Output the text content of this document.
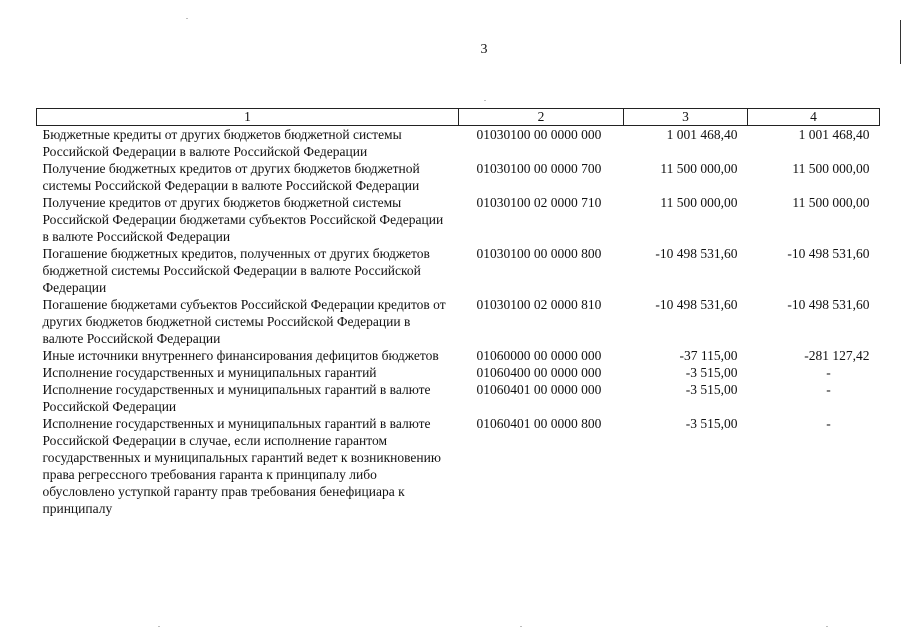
3
1	2	3	4
Бюджетные кредиты от других бюджетов бюджетной системы Российской Федерации в валюте Российской Федерации	01030100 00 0000 000	1 001 468,40	1 001 468,40
Получение бюджетных кредитов от других бюджетов бюджетной системы Российской Федерации в валюте Российской Федерации	01030100 00 0000 700	11 500 000,00	11 500 000,00
Получение кредитов от других бюджетов бюджетной системы Российской Федерации бюджетами субъектов Российской Федерации в валюте Российской Федерации	01030100 02 0000 710	11 500 000,00	11 500 000,00
Погашение бюджетных кредитов, полученных от других бюджетов бюджетной системы Российской Федерации в валюте Российской Федерации	01030100 00 0000 800	-10 498 531,60	-10 498 531,60
Погашение бюджетами субъектов Российской Федерации кредитов от других бюджетов бюджетной системы Российской Федерации в валюте Российской Федерации	01030100 02 0000 810	-10 498 531,60	-10 498 531,60
Иные источники внутреннего финансирования дефицитов бюджетов	01060000 00 0000 000	-37 115,00	-281 127,42
Исполнение государственных и муниципальных гарантий	01060400 00 0000 000	-3 515,00	-
Исполнение государственных и муниципальных гарантий в валюте Российской Федерации	01060401 00 0000 000	-3 515,00	-
Исполнение государственных и муниципальных гарантий в валюте Российской Федерации в случае, если исполнение гарантом государственных и муниципальных гарантий ведет к возникновению права регрессного требования гаранта к принципалу либо обусловлено уступкой гаранту прав требования бенефициара к принципалу	01060401 00 0000 800	-3 515,00	-
